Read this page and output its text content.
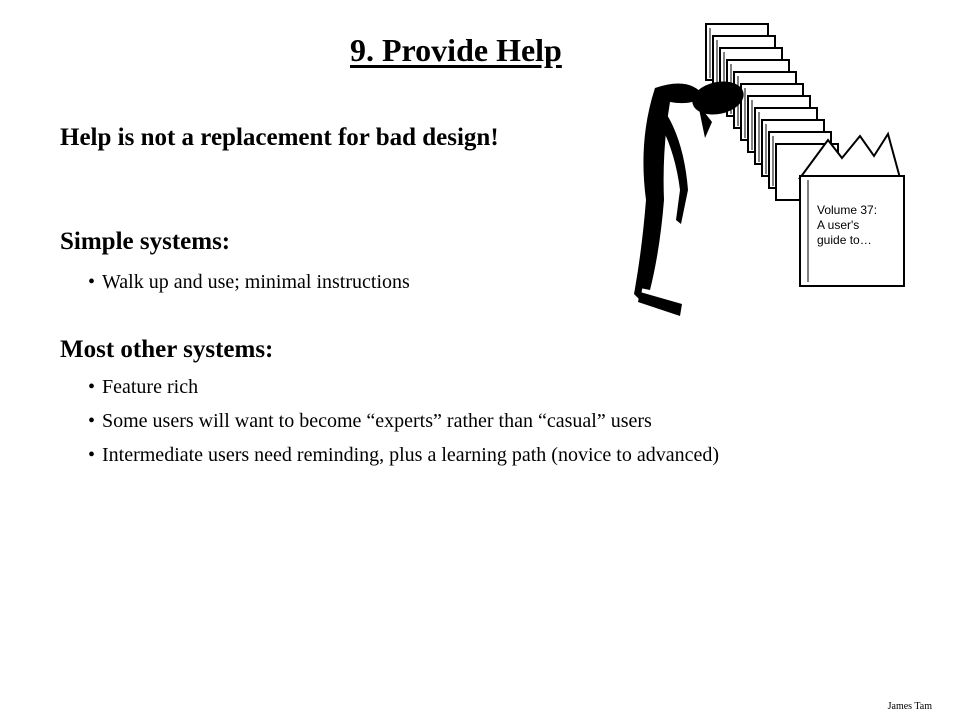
9. Provide Help
Help is not a replacement for bad design!
Simple systems:
• Walk up and use; minimal instructions
Most other systems:
• Feature rich
• Some users will want to become “experts” rather than “casual” users
• Intermediate users need reminding, plus a learning path (novice to advanced)
Volume 37:
A user's
guide to…
James Tam
